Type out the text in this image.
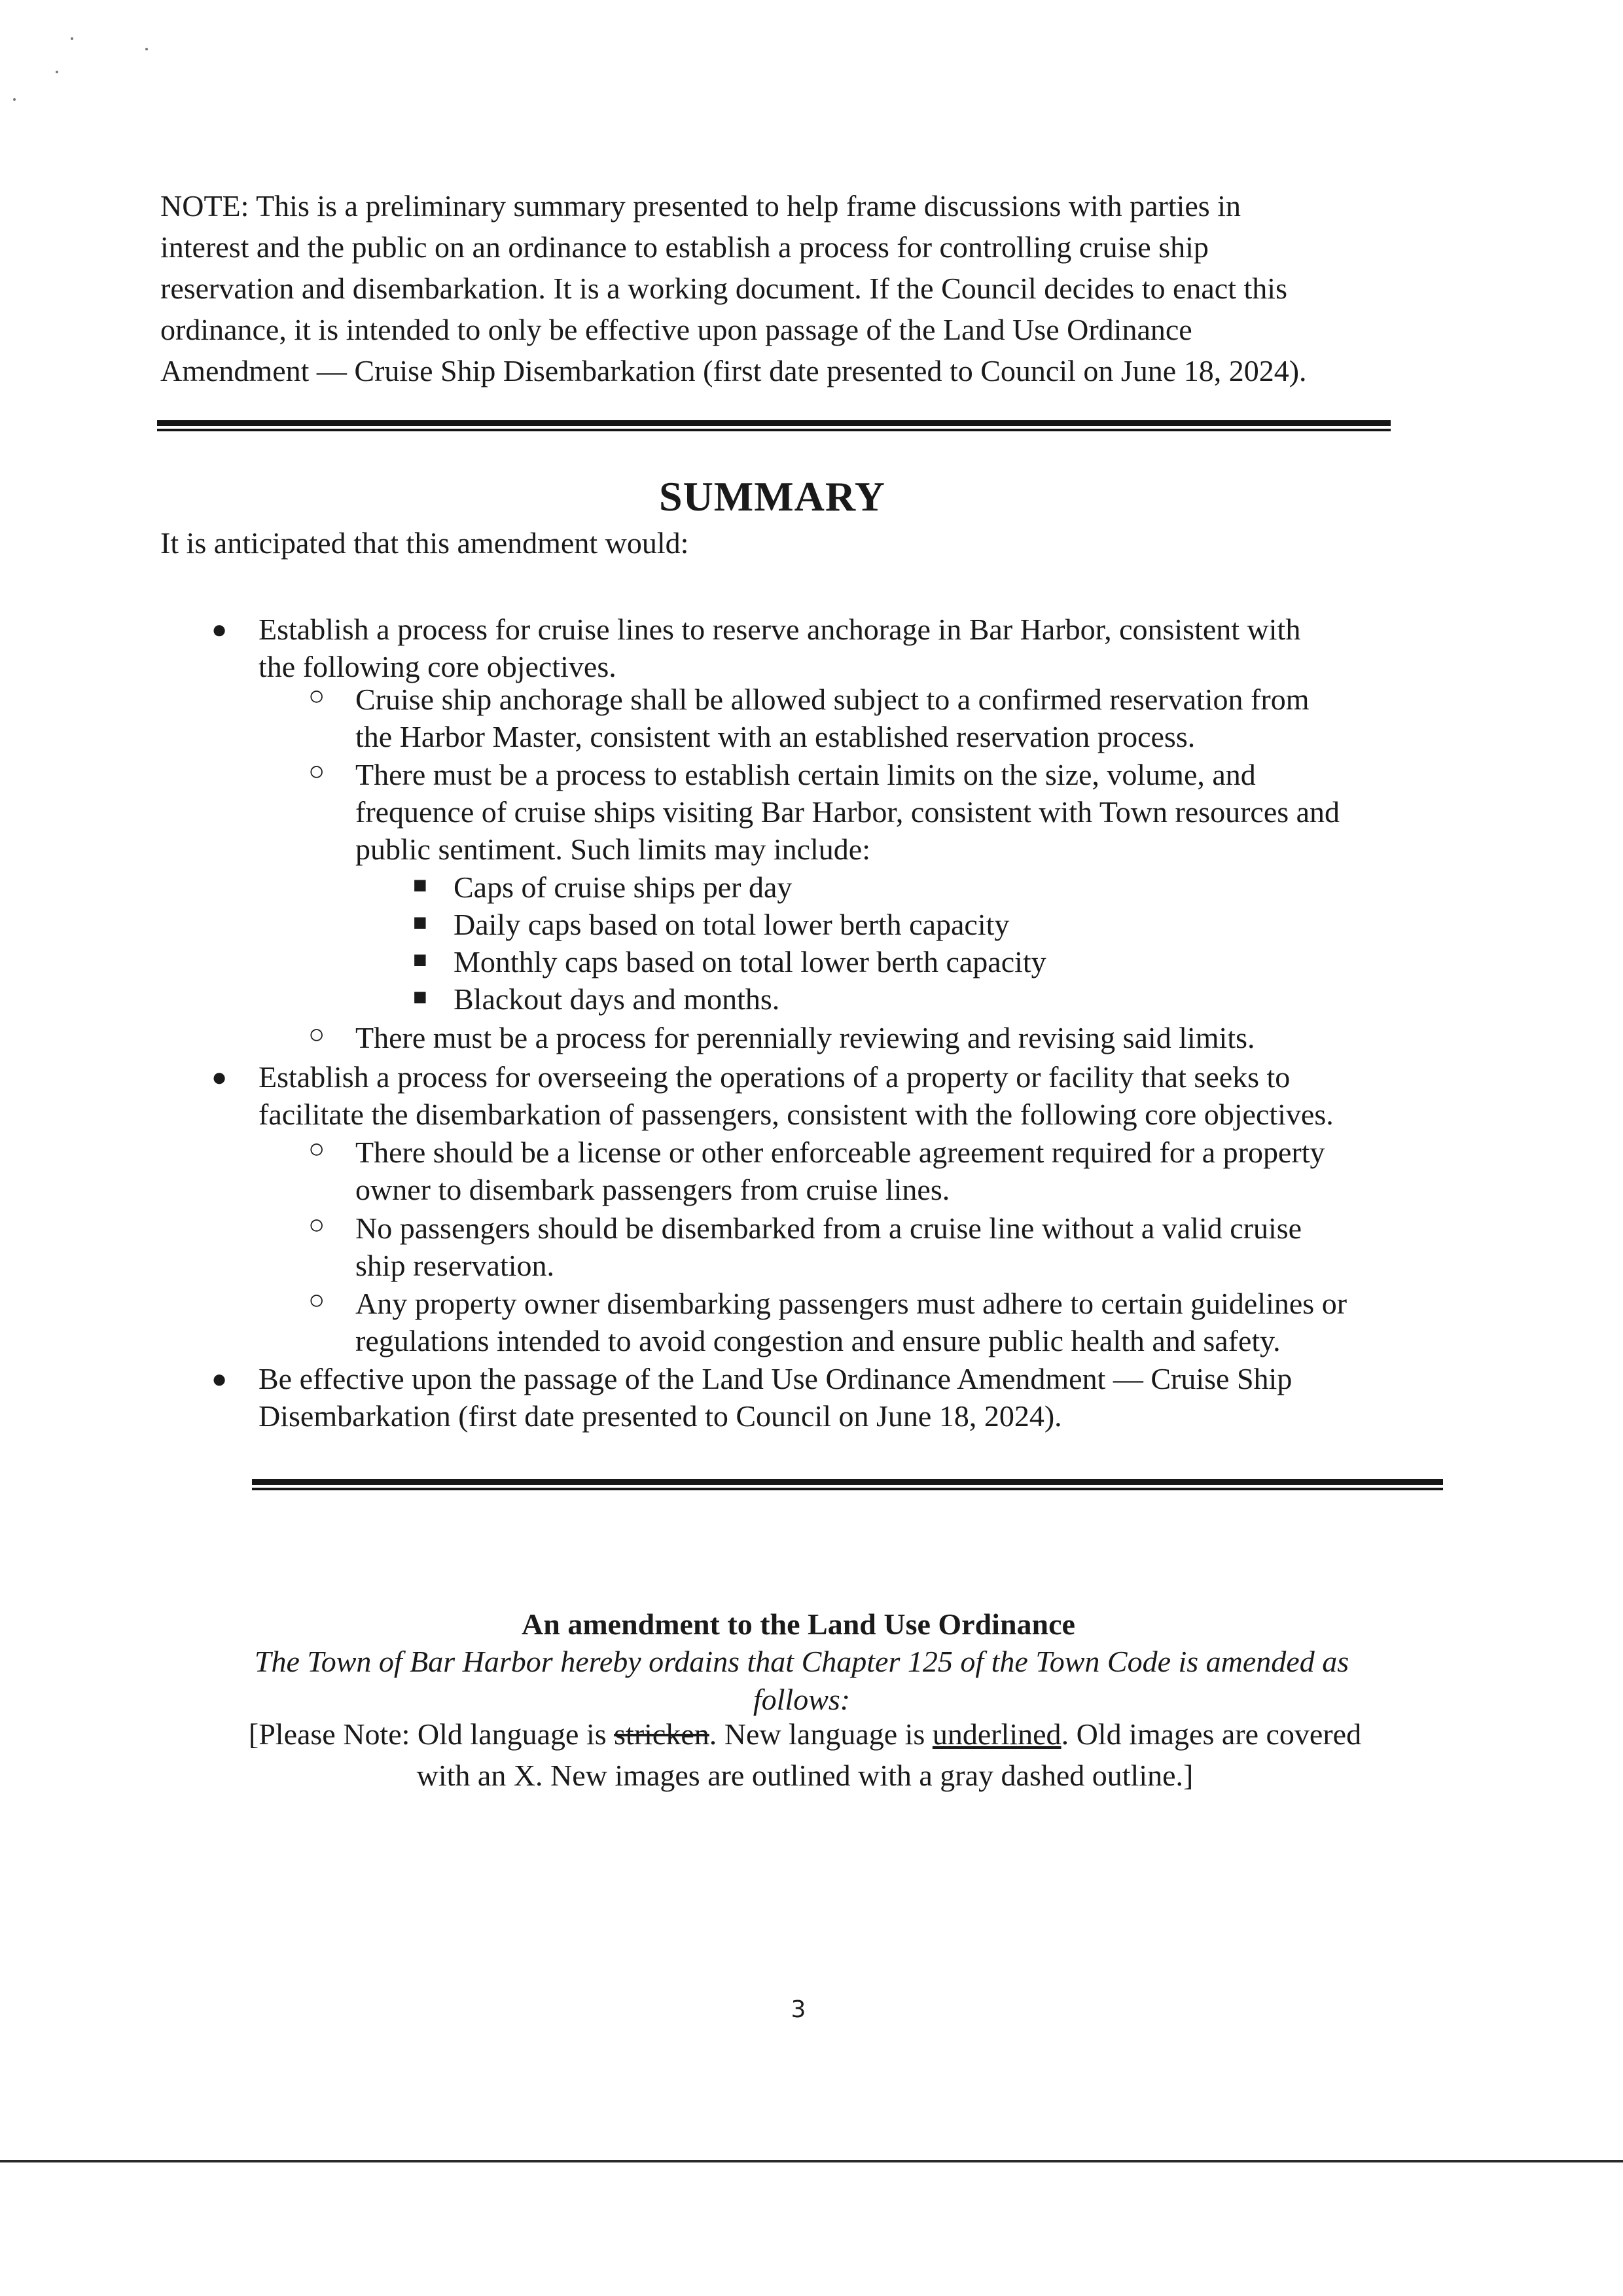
NOTE: This is a preliminary summary presented to help frame discussions with parties in
interest and the public on an ordinance to establish a process for controlling cruise ship
reservation and disembarkation. It is a working document. If the Council decides to enact this
ordinance, it is intended to only be effective upon passage of the Land Use Ordinance
Amendment — Cruise Ship Disembarkation (first date presented to Council on June 18, 2024).
SUMMARY

It is anticipated that this amendment would:

● Establish a process for cruise lines to reserve anchorage in Bar Harbor, consistent with
the following core objectives.
○ Cruise ship anchorage shall be allowed subject to a confirmed reservation from
the Harbor Master, consistent with an established reservation process.
○ There must be a process to establish certain limits on the size, volume, and
frequence of cruise ships visiting Bar Harbor, consistent with Town resources and
public sentiment. Such limits may include:
■ Caps of cruise ships per day
■ Daily caps based on total lower berth capacity
■ Monthly caps based on total lower berth capacity
■ Blackout days and months.
○ There must be a process for perennially reviewing and revising said limits.
● Establish a process for overseeing the operations of a property or facility that seeks to
facilitate the disembarkation of passengers, consistent with the following core objectives.
○ There should be a license or other enforceable agreement required for a property
owner to disembark passengers from cruise lines.
○ No passengers should be disembarked from a cruise line without a valid cruise
ship reservation.
○ Any property owner disembarking passengers must adhere to certain guidelines or
regulations intended to avoid congestion and ensure public health and safety.
● Be effective upon the passage of the Land Use Ordinance Amendment — Cruise Ship
Disembarkation (first date presented to Council on June 18, 2024).

An amendment to the Land Use Ordinance

The Town of Bar Harbor hereby ordains that Chapter 125 of the Town Code is amended as
follows:

[Please Note: Old language is stricken. New language is underlined. Old images are covered
with an X. New images are outlined with a gray dashed outline.]

3
